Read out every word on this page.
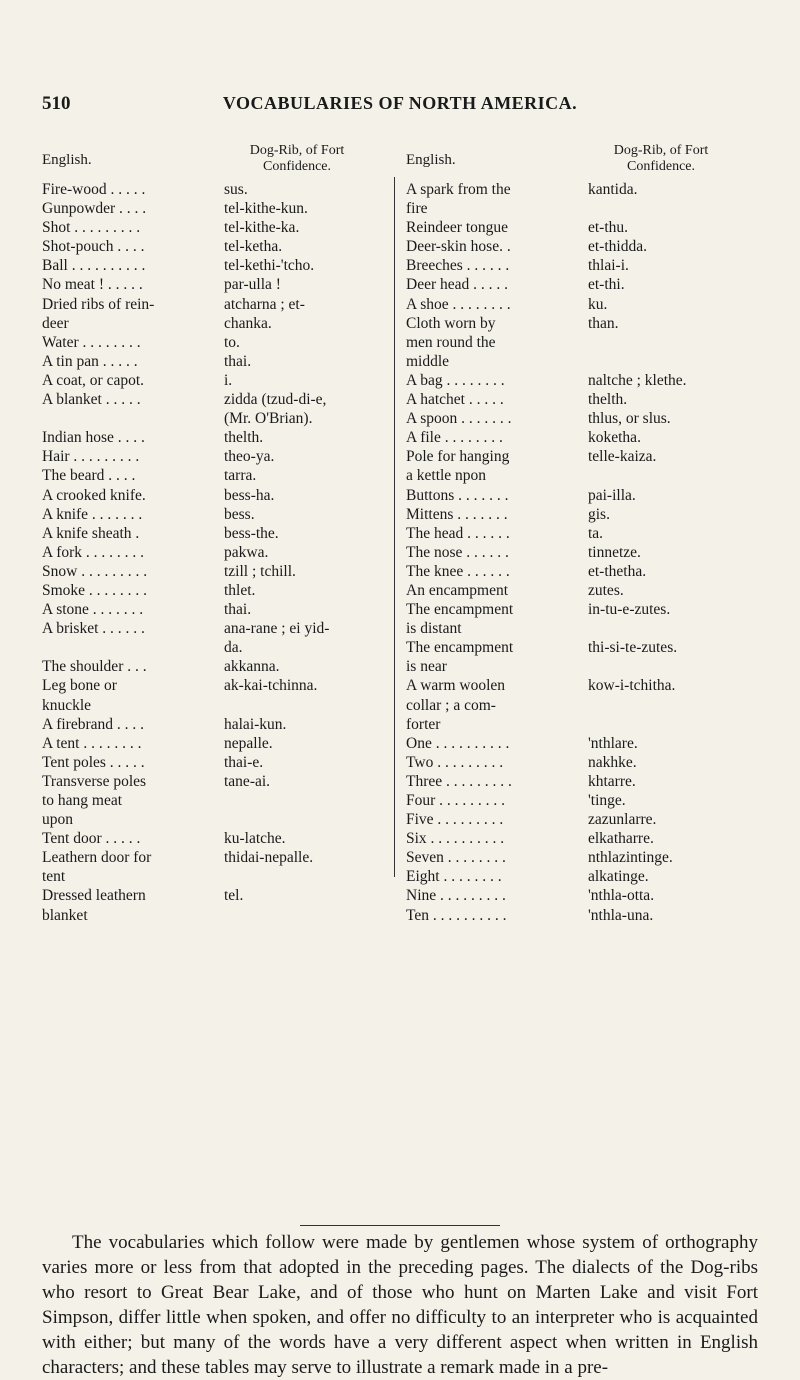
510	VOCABULARIES OF NORTH AMERICA.
English.
Dog-Rib, of Fort Confidence.
Fire-wood . . . . .	sus.
Gunpowder . . . .	tel-kithe-kun.
Shot . . . . . . . . .	tel-kithe-ka.
Shot-pouch . . . .	tel-ketha.
Ball . . . . . . . . . .	tel-kethi-'tcho.
No meat ! . . . . .	par-ulla !
Dried ribs of rein-	atcharna ; et-
deer	chanka.
Water . . . . . . . .	to.
A tin pan . . . . .	thai.
A coat, or capot.	i.
A blanket . . . . .	zidda (tzud-di-e,
(Mr. O'Brian).
Indian hose . . . .	thelth.
Hair . . . . . . . . .	theo-ya.
The beard . . . .	tarra.
A crooked knife.	bess-ha.
A knife . . . . . . .	bess.
A knife sheath .	bess-the.
A fork . . . . . . . .	pakwa.
Snow . . . . . . . . .	tzill ; tchill.
Smoke . . . . . . . .	thlet.
A stone . . . . . . .	thai.
A brisket . . . . . .	ana-rane ; ei yid-
da.
The shoulder . . .	akkanna.
Leg bone or	ak-kai-tchinna.
knuckle
A firebrand . . . .	halai-kun.
A tent . . . . . . . .	nepalle.
Tent poles . . . . .	thai-e.
Transverse poles	tane-ai.
to hang meat
upon
Tent door . . . . .	ku-latche.
Leathern door for	thidai-nepalle.
tent
Dressed leathern	tel.
blanket
English.
Dog-Rib, of Fort Confidence.
A spark from the	kantida.
fire
Reindeer tongue	et-thu.
Deer-skin hose. .	et-thidda.
Breeches . . . . . .	thlai-i.
Deer head . . . . .	et-thi.
A shoe . . . . . . . .	ku.
Cloth worn by	than.
men round the
middle
A bag . . . . . . . .	naltche ; klethe.
A hatchet . . . . .	thelth.
A spoon . . . . . . .	thlus, or slus.
A file . . . . . . . .	koketha.
Pole for hanging	telle-kaiza.
a kettle npon
Buttons . . . . . . .	pai-illa.
Mittens . . . . . . .	gis.
The head . . . . . .	ta.
The nose . . . . . .	tinnetze.
The knee . . . . . .	et-thetha.
An encampment	zutes.
The encampment	in-tu-e-zutes.
is distant
The encampment	thi-si-te-zutes.
is near
A warm woolen	kow-i-tchitha.
collar ; a com-
forter
One . . . . . . . . . .	'nthlare.
Two . . . . . . . . .	nakhke.
Three . . . . . . . . .	khtarre.
Four . . . . . . . . .	'tinge.
Five . . . . . . . . .	zazunlarre.
Six . . . . . . . . . .	elkatharre.
Seven . . . . . . . .	nthlazintinge.
Eight . . . . . . . .	alkatinge.
Nine . . . . . . . . .	'nthla-otta.
Ten . . . . . . . . . .	'nthla-una.

The vocabularies which follow were made by gentlemen whose system of orthography varies more or less from that adopted in the preceding pages. The dialects of the Dog-ribs who resort to Great Bear Lake, and of those who hunt on Marten Lake and visit Fort Simpson, differ little when spoken, and offer no difficulty to an interpreter who is acquainted with either; but many of the words have a very different aspect when written in English characters; and these tables may serve to illustrate a remark made in a pre-
